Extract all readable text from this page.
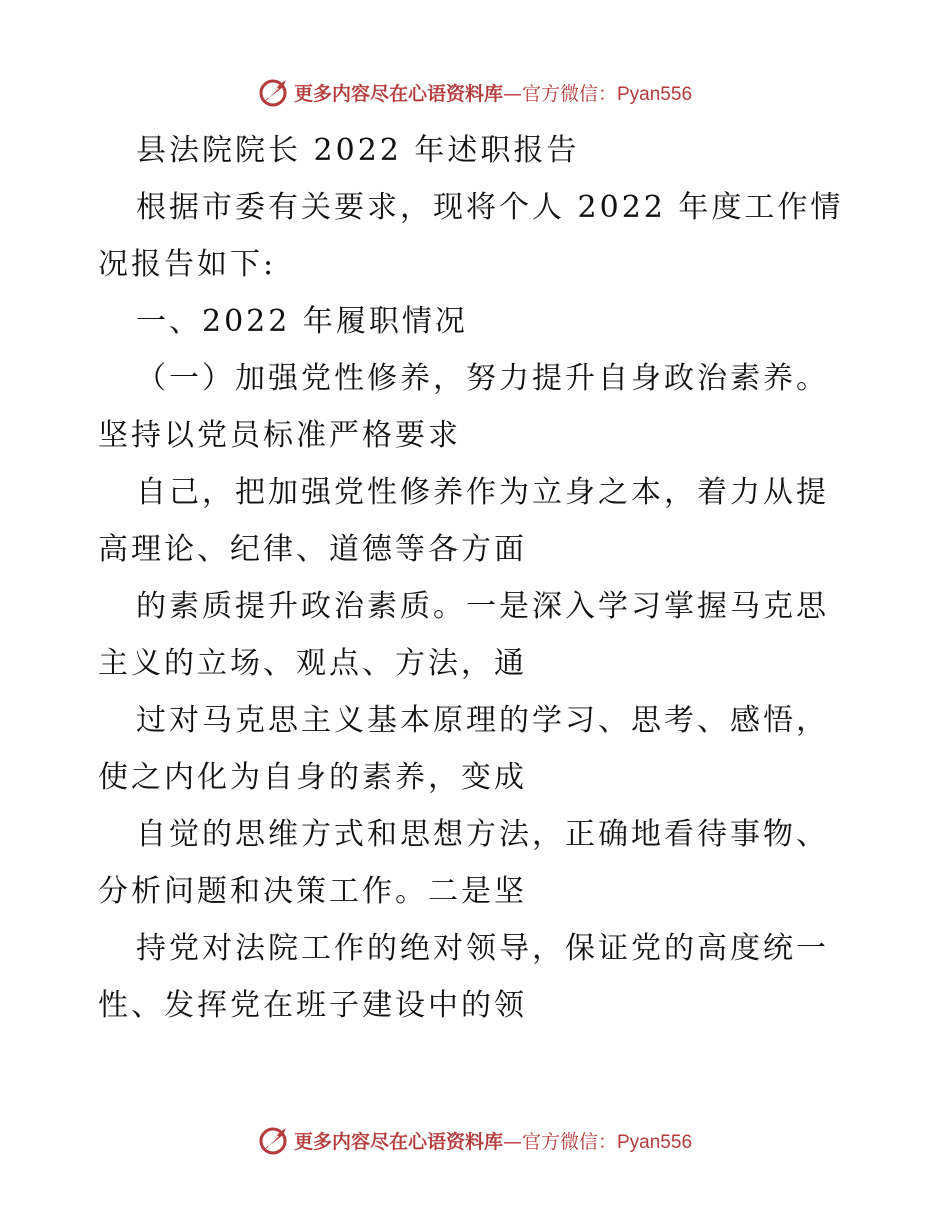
更多内容尽在心语资料库—官方微信：Pyan556
县法院院长 2022 年述职报告
根据市委有关要求，现将个人 2022 年度工作情
况报告如下:
一、2022 年履职情况
（一）加强党性修养，努力提升自身政治素养。
坚持以党员标准严格要求
自己，把加强党性修养作为立身之本，着力从提
高理论、纪律、道德等各方面
的素质提升政治素质。一是深入学习掌握马克思
主义的立场、观点、方法，通
过对马克思主义基本原理的学习、思考、感悟，
使之内化为自身的素养，变成
自觉的思维方式和思想方法，正确地看待事物、
分析问题和决策工作。二是坚
持党对法院工作的绝对领导，保证党的高度统一
性、发挥党在班子建设中的领
更多内容尽在心语资料库—官方微信：Pyan556
